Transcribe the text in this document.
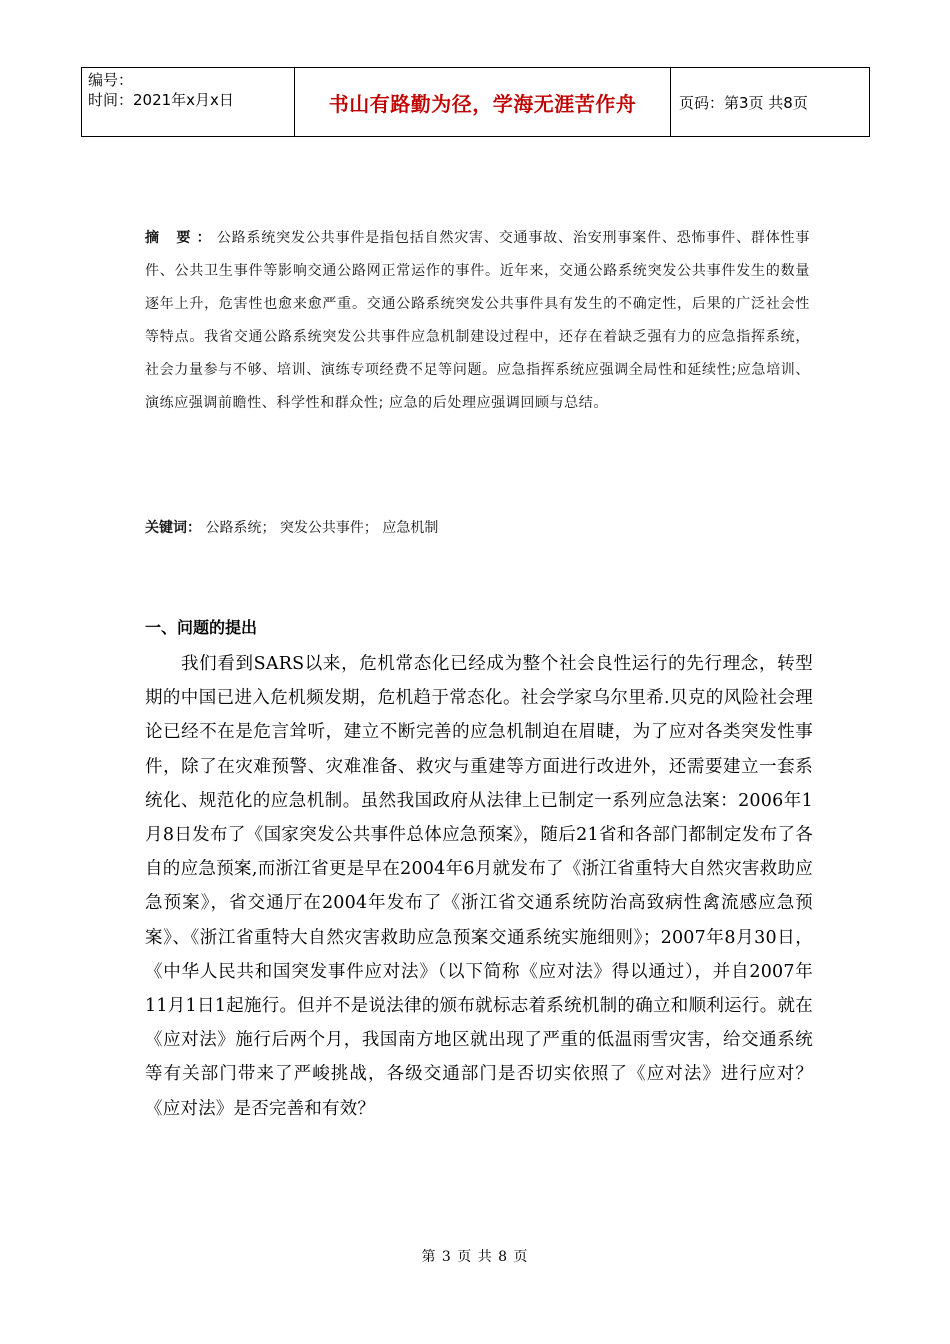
编号：
时间：2021年x月x日	书山有路勤为径，学海无涯苦作舟	页码：第3页 共8页
摘 要：公路系统突发公共事件是指包括自然灾害、交通事故、治安刑事案件、恐怖事件、群体性事件、公共卫生事件等影响交通公路网正常运作的事件。近年来，交通公路系统突发公共事件发生的数量逐年上升，危害性也愈来愈严重。交通公路系统突发公共事件具有发生的不确定性，后果的广泛社会性等特点。我省交通公路系统突发公共事件应急机制建设过程中，还存在着缺乏强有力的应急指挥系统，社会力量参与不够、培训、演练专项经费不足等问题。应急指挥系统应强调全局性和延续性;应急培训、演练应强调前瞻性、科学性和群众性; 应急的后处理应强调回顾与总结。
关键词： 公路系统； 突发公共事件； 应急机制
一、问题的提出
我们看到SARS以来，危机常态化已经成为整个社会良性运行的先行理念，转型期的中国已进入危机频发期，危机趋于常态化。社会学家乌尔里希.贝克的风险社会理论已经不在是危言耸听，建立不断完善的应急机制迫在眉睫，为了应对各类突发性事件，除了在灾难预警、灾难准备、救灾与重建等方面进行改进外，还需要建立一套系统化、规范化的应急机制。虽然我国政府从法律上已制定一系列应急法案：2006年1月8日发布了《国家突发公共事件总体应急预案》，随后21省和各部门都制定发布了各自的应急预案,而浙江省更是早在2004年6月就发布了《浙江省重特大自然灾害救助应急预案》，省交通厅在2004年发布了《浙江省交通系统防治高致病性禽流感应急预案》、《浙江省重特大自然灾害救助应急预案交通系统实施细则》；2007年8月30日，《中华人民共和国突发事件应对法》（以下简称《应对法》得以通过），并自2007年11月1日1起施行。但并不是说法律的颁布就标志着系统机制的确立和顺利运行。就在《应对法》施行后两个月，我国南方地区就出现了严重的低温雨雪灾害，给交通系统等有关部门带来了严峻挑战，各级交通部门是否切实依照了《应对法》进行应对？《应对法》是否完善和有效？
第 3 页 共 8 页
